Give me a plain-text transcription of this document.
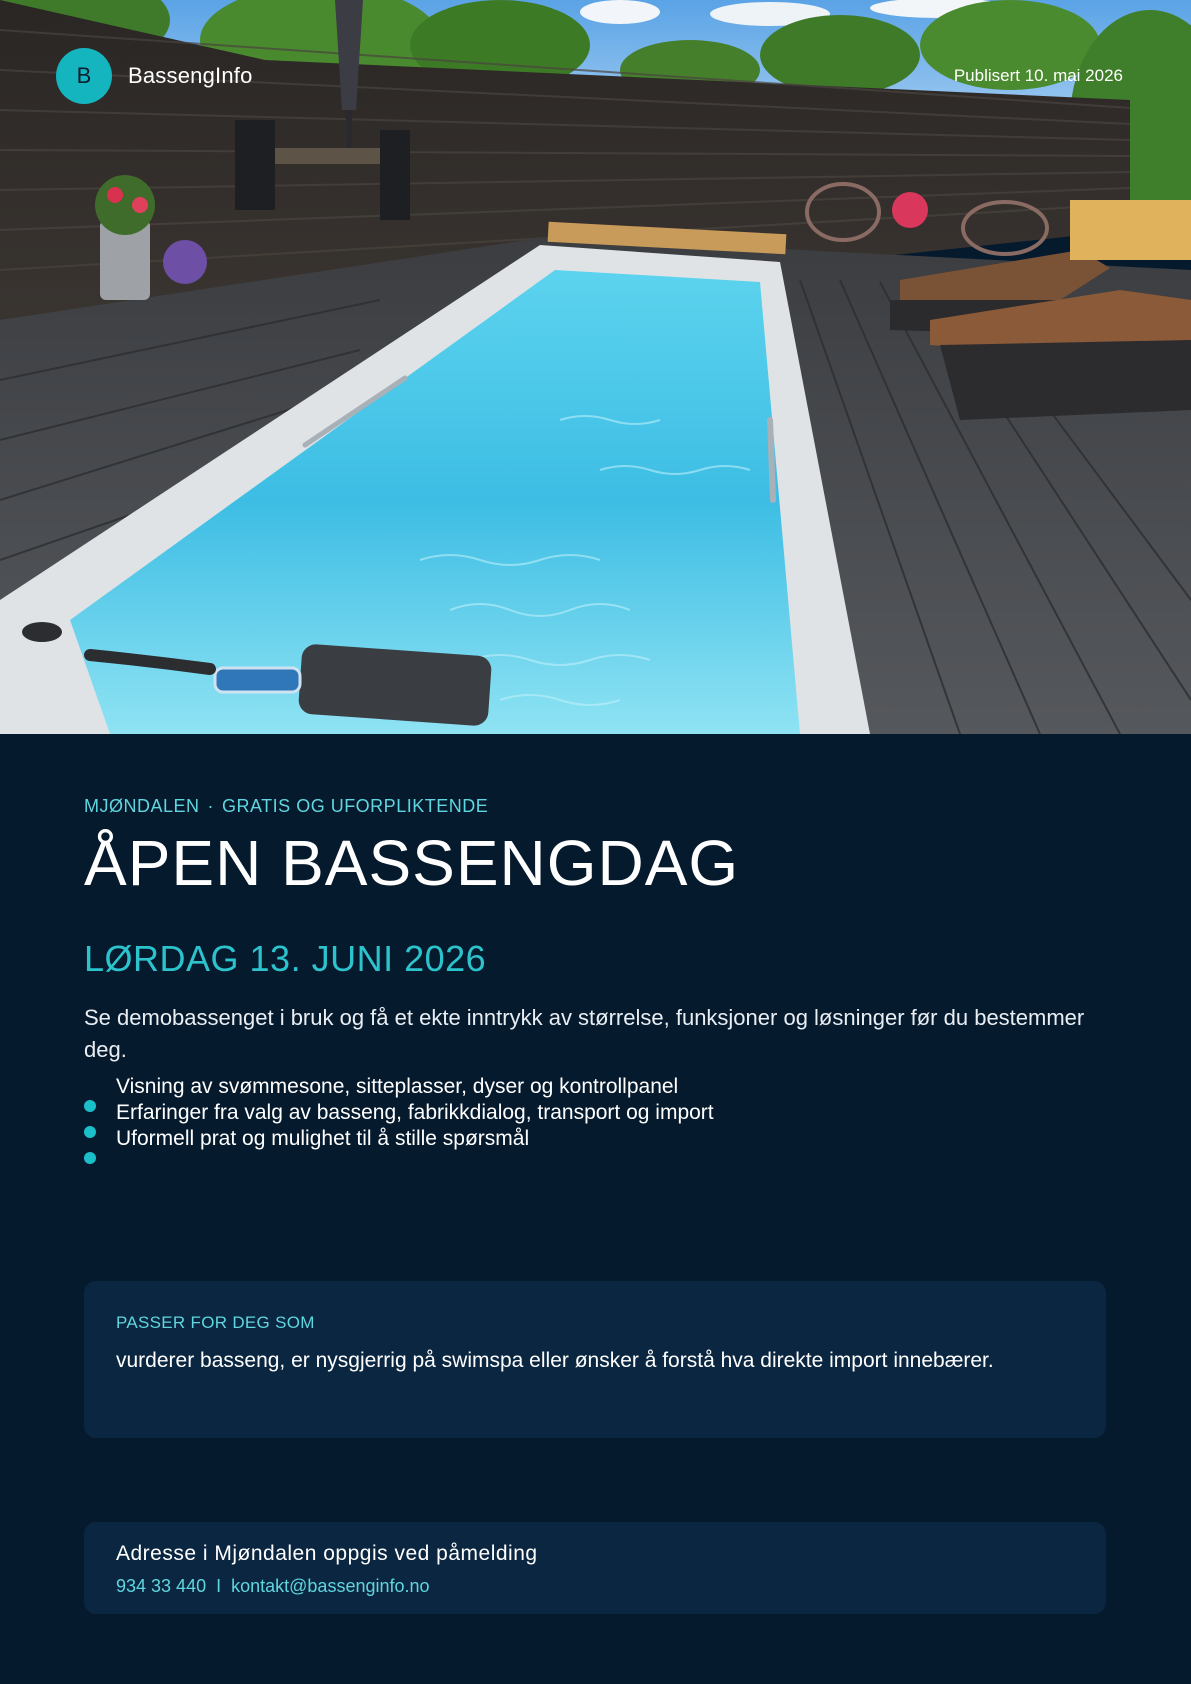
B	BassengInfo	Publisert 10. mai 2026
MJØNDALEN · GRATIS OG UFORPLIKTENDE
ÅPEN BASSENGDAG
LØRDAG 13. JUNI 2026
Se demobassenget i bruk og få et ekte inntrykk av størrelse, funksjoner og løsninger før du bestemmer deg.
Visning av svømmesone, sitteplasser, dyser og kontrollpanel
Erfaringer fra valg av basseng, fabrikkdialog, transport og import
Uformell prat og mulighet til å stille spørsmål
PASSER FOR DEG SOM
vurderer basseng, er nysgjerrig på swimspa eller ønsker å forstå hva direkte import innebærer.
Adresse i Mjøndalen oppgis ved påmelding
934 33 440 I kontakt@bassenginfo.no
